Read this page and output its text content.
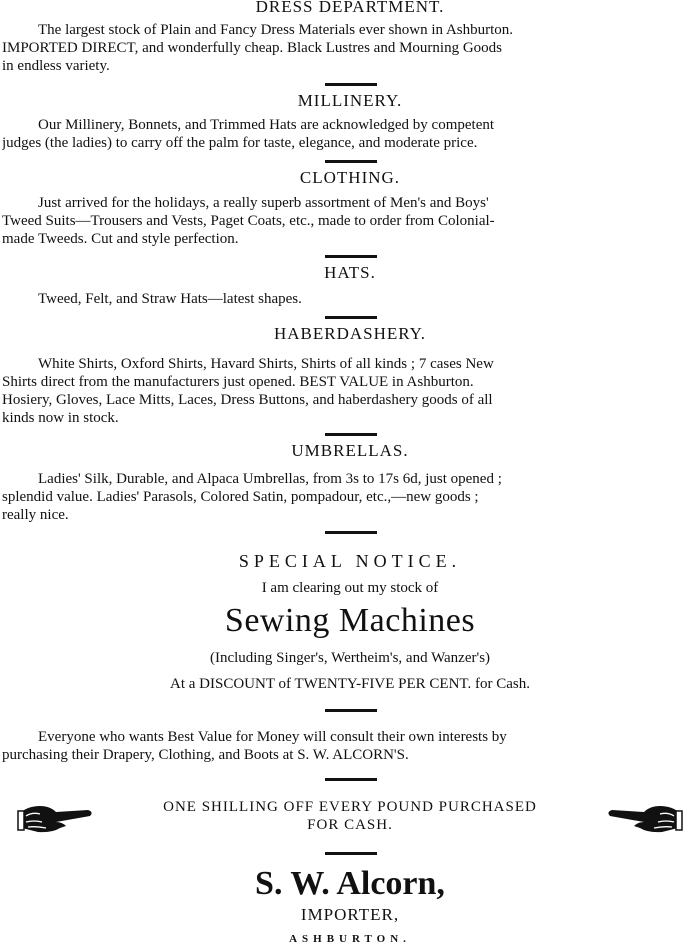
DRESS DEPARTMENT.
The largest stock of Plain and Fancy Dress Materials ever shown in Ashburton.
IMPORTED DIRECT, and wonderfully cheap. Black Lustres and Mourning Goods
in endless variety.
MILLINERY.
Our Millinery, Bonnets, and Trimmed Hats are acknowledged by competent
judges (the ladies) to carry off the palm for taste, elegance, and moderate price.
CLOTHING.
Just arrived for the holidays, a really superb assortment of Men's and Boys'
Tweed Suits—Trousers and Vests, Paget Coats, etc., made to order from Colonial-
made Tweeds. Cut and style perfection.
HATS.
Tweed, Felt, and Straw Hats—latest shapes.
HABERDASHERY.
White Shirts, Oxford Shirts, Havard Shirts, Shirts of all kinds ; 7 cases New
Shirts direct from the manufacturers just opened. BEST VALUE in Ashburton.
Hosiery, Gloves, Lace Mitts, Laces, Dress Buttons, and haberdashery goods of all
kinds now in stock.
UMBRELLAS.
Ladies' Silk, Durable, and Alpaca Umbrellas, from 3s to 17s 6d, just opened ;
splendid value. Ladies' Parasols, Colored Satin, pompadour, etc.,—new goods ;
really nice.
SPECIAL NOTICE.
I am clearing out my stock of
Sewing Machines
(Including Singer's, Wertheim's, and Wanzer's)
At a DISCOUNT of TWENTY-FIVE PER CENT. for Cash.
Everyone who wants Best Value for Money will consult their own interests by
purchasing their Drapery, Clothing, and Boots at S. W. ALCORN'S.
ONE SHILLING OFF EVERY POUND PURCHASED
FOR CASH.
S. W. Alcorn,
IMPORTER,
ASHBURTON.
